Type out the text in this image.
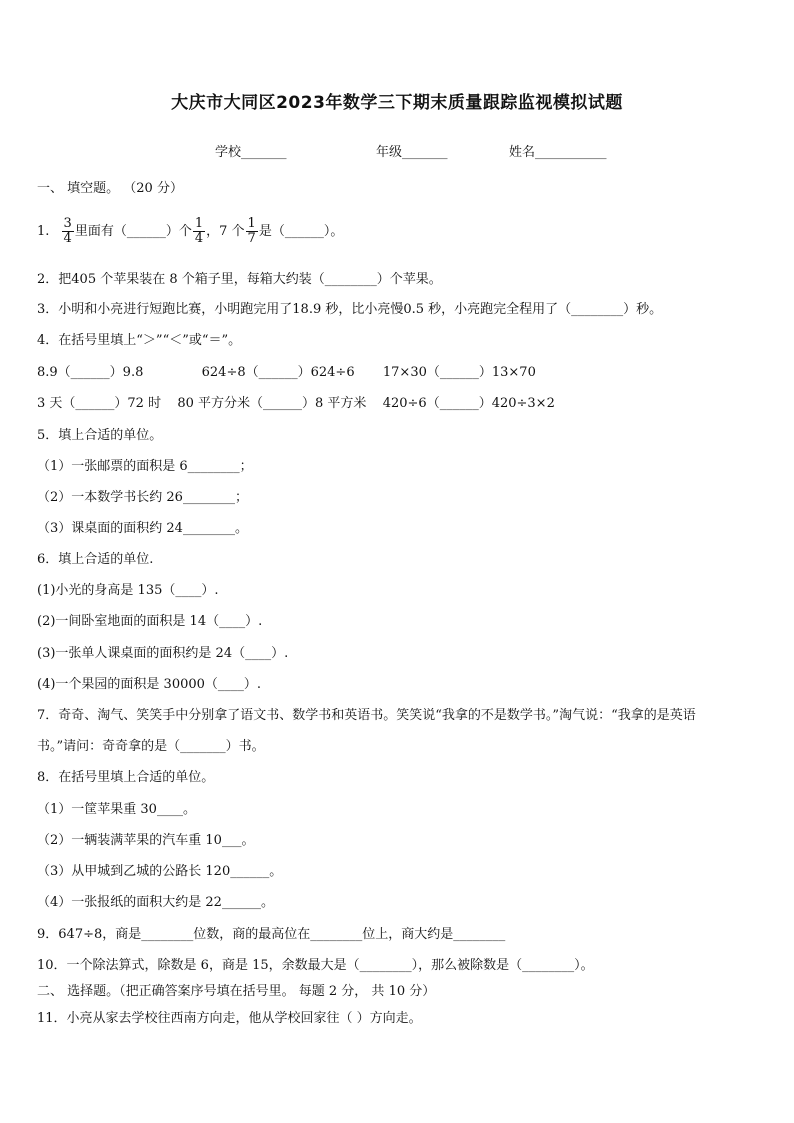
大庆市大同区2023年数学三下期末质量跟踪监视模拟试题
学校_______	年级_______	姓名___________
一、 填空题。 （20 分）
1. $\frac{3}{4}$ 里面有（______）个 $\frac{1}{4}$ ，7 个 $\frac{1}{7}$ 是（______）。
2．把405 个苹果装在 8 个箱子里，每箱大约装（________）个苹果。
3．小明和小亮进行短跑比赛，小明跑完用了18.9 秒，比小亮慢0.5 秒，小亮跑完全程用了（________）秒。
4．在括号里填上“＞”“＜”或“＝”。
8.9（______）9.8	624÷8（______）624÷6 17×30（______）13×70
3 天（______）72 时 80 平方分米（______）8 平方米 420÷6（______）420÷3×2
5．填上合适的单位。
（1）一张邮票的面积是 6________；
（2）一本数学书长约 26________；
（3）课桌面的面积约 24________。
6．填上合适的单位.
(1)小光的身高是 135（____）.
(2)一间卧室地面的面积是 14（____）.
(3)一张单人课桌面的面积约是 24（____）.
(4)一个果园的面积是 30000（____）.
7．奇奇、淘气、笑笑手中分别拿了语文书、数学书和英语书。笑笑说“我拿的不是数学书。”淘气说：“我拿的是英语
书。”请问：奇奇拿的是（_______）书。
8．在括号里填上合适的单位。
（1）一筐苹果重 30____。
（2）一辆装满苹果的汽车重 10___。
（3）从甲城到乙城的公路长 120______。
（4）一张报纸的面积大约是 22______。
9．647÷8，商是________位数，商的最高位在________位上，商大约是________
10．一个除法算式，除数是 6，商是 15，余数最大是（________），那么被除数是（________）。
二、 选择题。（把正确答案序号填在括号里。 每题 2 分， 共 10 分）
11．小亮从家去学校往西南方向走，他从学校回家往（ ）方向走。
